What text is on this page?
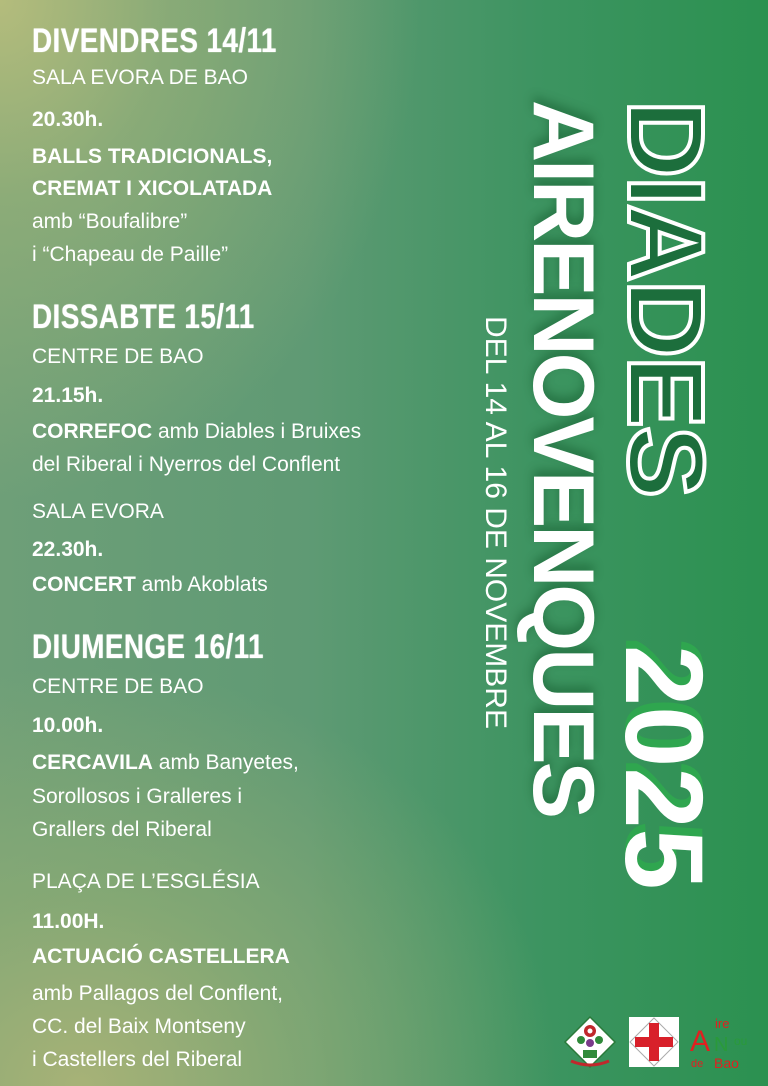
DIVENDRES 14/11
SALA EVORA DE BAO
20.30h.
BALLS TRADICIONALS,
CREMAT I XICOLATADA
amb “Boufalibre”
i “Chapeau de Paille”
DISSABTE 15/11
CENTRE DE BAO
21.15h.
CORREFOC amb Diables i Bruixes
del Riberal i Nyerros del Conflent
SALA EVORA
22.30h.
CONCERT amb Akoblats
DIUMENGE 16/11
CENTRE DE BAO
10.00h.
CERCAVILA amb Banyetes,
Sorollosos i Gralleres i
Grallers del Riberal
PLAÇA DE L’ESGLÉSIA
11.00H.
ACTUACIÓ CASTELLERA
amb Pallagos del Conflent,
CC. del Baix Montseny
i Castellers del Riberal
DIADES
AIRENOVENQUES
2025
DEL 14 AL 16 DE NOVEMBRE
A
ire
N ou
de Bao
